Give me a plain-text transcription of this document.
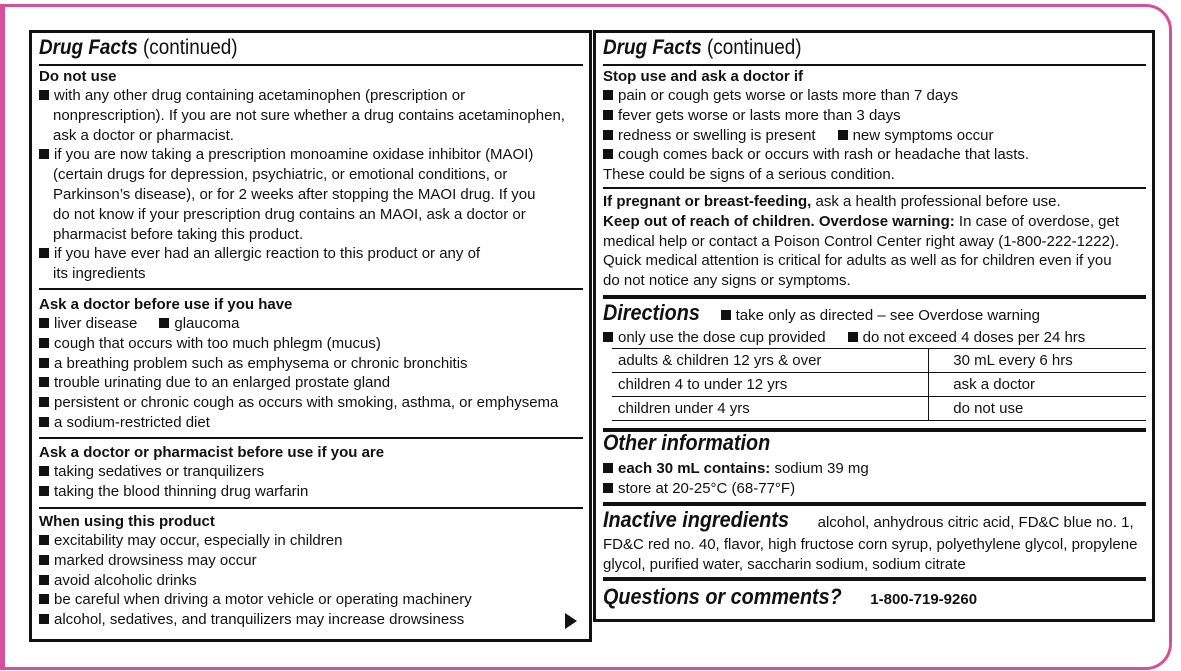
Drug Facts (continued)
Do not use
with any other drug containing acetaminophen (prescription or
nonprescription). If you are not sure whether a drug contains acetaminophen,
ask a doctor or pharmacist.
if you are now taking a prescription monoamine oxidase inhibitor (MAOI)
(certain drugs for depression, psychiatric, or emotional conditions, or
Parkinson’s disease), or for 2 weeks after stopping the MAOI drug. If you
do not know if your prescription drug contains an MAOI, ask a doctor or
pharmacist before taking this product.
if you have ever had an allergic reaction to this product or any of
its ingredients
Ask a doctor before use if you have
liver disease glaucoma
cough that occurs with too much phlegm (mucus)
a breathing problem such as emphysema or chronic bronchitis
trouble urinating due to an enlarged prostate gland
persistent or chronic cough as occurs with smoking, asthma, or emphysema
a sodium-restricted diet
Ask a doctor or pharmacist before use if you are
taking sedatives or tranquilizers
taking the blood thinning drug warfarin
When using this product
excitability may occur, especially in children
marked drowsiness may occur
avoid alcoholic drinks
be careful when driving a motor vehicle or operating machinery
alcohol, sedatives, and tranquilizers may increase drowsiness
Drug Facts (continued)
Stop use and ask a doctor if
pain or cough gets worse or lasts more than 7 days
fever gets worse or lasts more than 3 days
redness or swelling is present new symptoms occur
cough comes back or occurs with rash or headache that lasts.
These could be signs of a serious condition.
If pregnant or breast-feeding, ask a health professional before use.
Keep out of reach of children. Overdose warning: In case of overdose, get
medical help or contact a Poison Control Center right away (1-800-222-1222).
Quick medical attention is critical for adults as well as for children even if you
do not notice any signs or symptoms.
Directions take only as directed – see Overdose warning
only use the dose cup provided do not exceed 4 doses per 24 hrs
adults & children 12 yrs & over	30 mL every 6 hrs
children 4 to under 12 yrs	ask a doctor
children under 4 yrs	do not use
Other information
each 30 mL contains: sodium 39 mg
store at 20-25°C (68-77°F)
Inactive ingredients alcohol, anhydrous citric acid, FD&C blue no. 1,
FD&C red no. 40, flavor, high fructose corn syrup, polyethylene glycol, propylene
glycol, purified water, saccharin sodium, sodium citrate
Questions or comments? 1-800-719-9260
